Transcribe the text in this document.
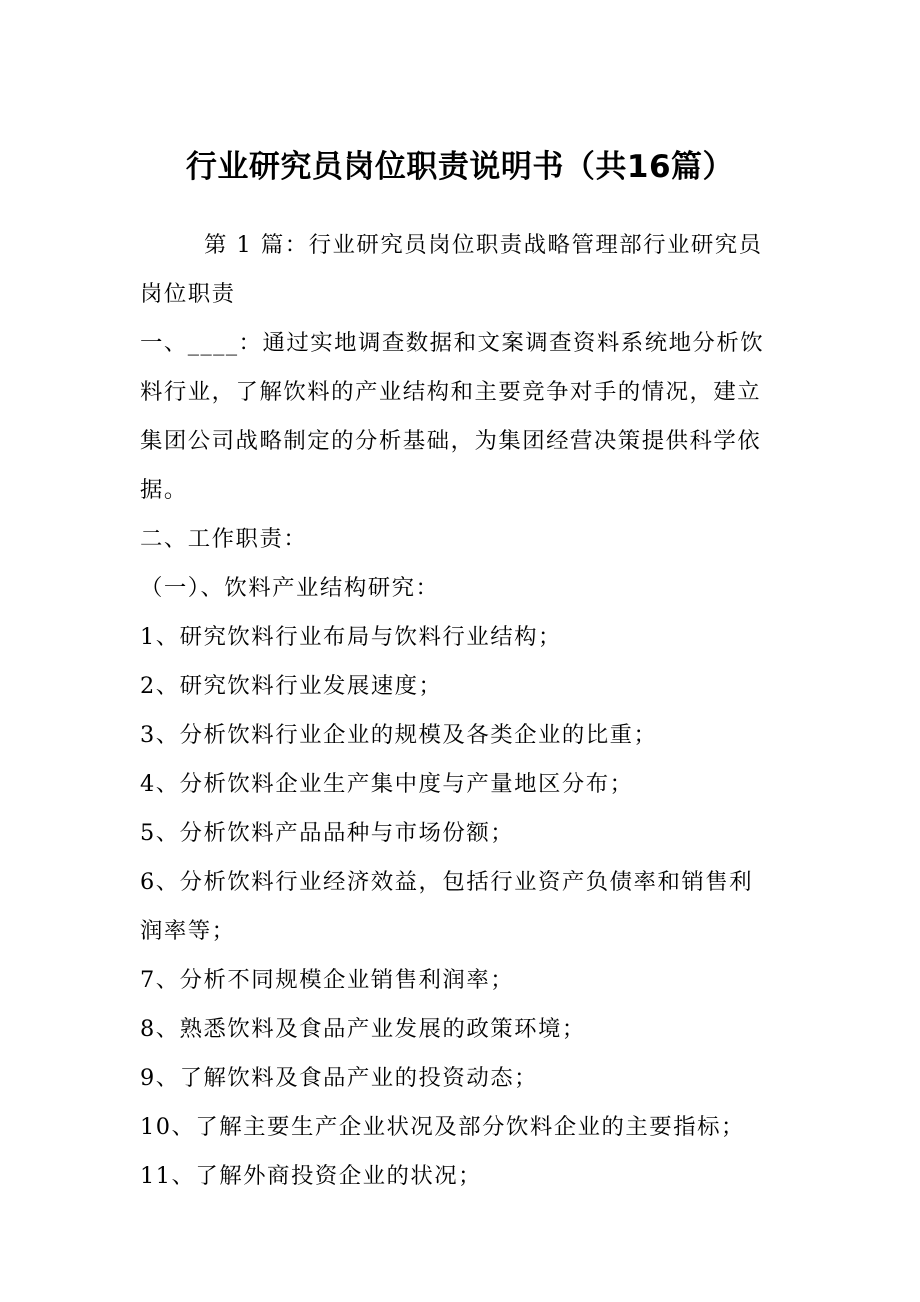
行业研究员岗位职责说明书（共16篇）
第 1 篇：行业研究员岗位职责战略管理部行业研究员
岗位职责
一、____：通过实地调查数据和文案调查资料系统地分析饮
料行业，了解饮料的产业结构和主要竞争对手的情况，建立
集团公司战略制定的分析基础，为集团经营决策提供科学依
据。
二、工作职责：
（一）、饮料产业结构研究：
1、研究饮料行业布局与饮料行业结构；
2、研究饮料行业发展速度；
3、分析饮料行业企业的规模及各类企业的比重；
4、分析饮料企业生产集中度与产量地区分布；
5、分析饮料产品品种与市场份额；
6、分析饮料行业经济效益，包括行业资产负债率和销售利
润率等；
7、分析不同规模企业销售利润率；
8、熟悉饮料及食品产业发展的政策环境；
9、了解饮料及食品产业的投资动态；
10、了解主要生产企业状况及部分饮料企业的主要指标；
11、了解外商投资企业的状况；
